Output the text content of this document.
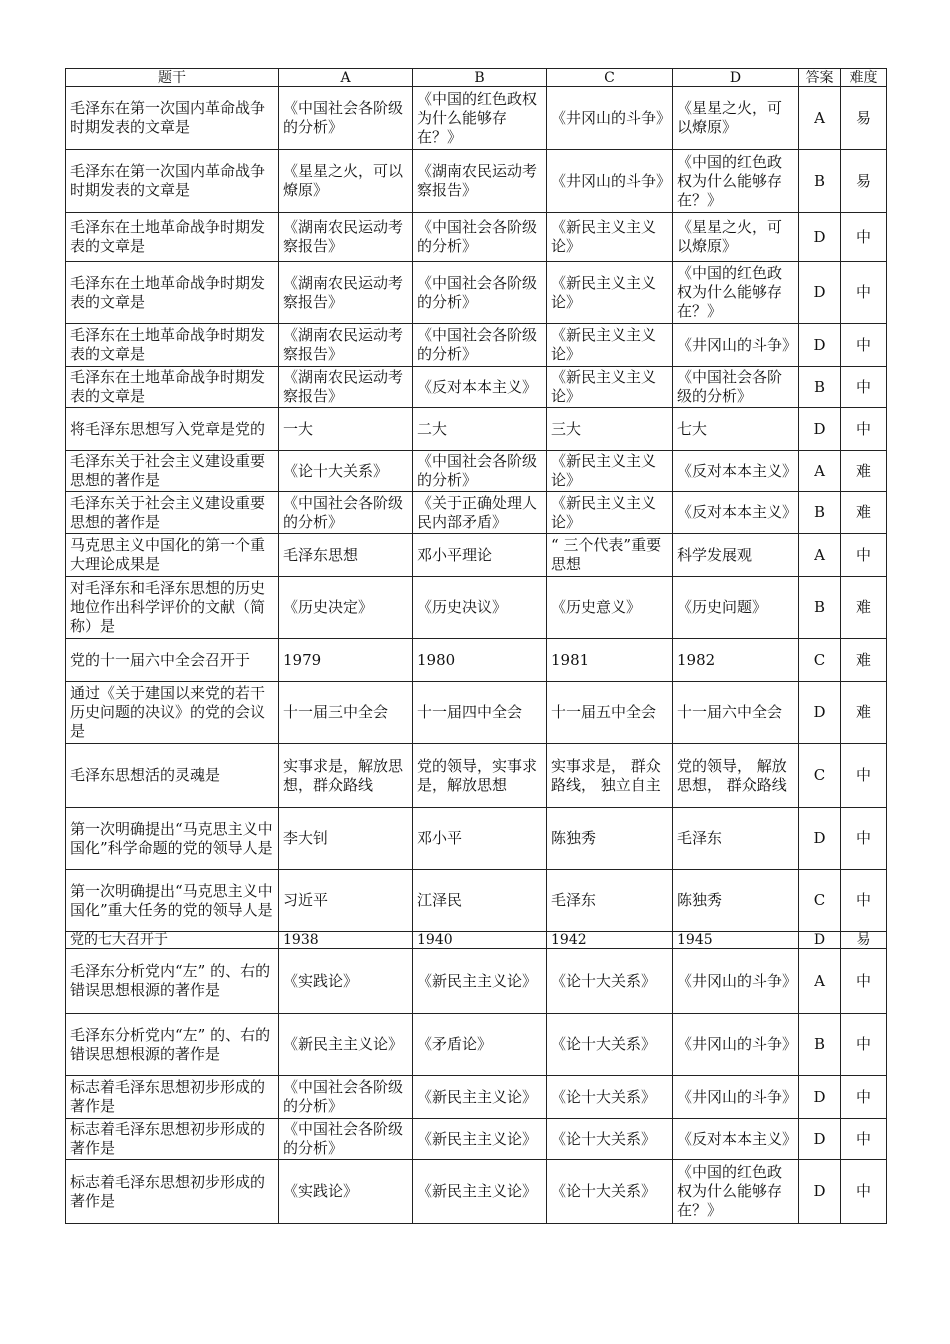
题干	A	B	C	D	答案	难度
毛泽东在第一次国内革命战争时期发表的文章是	《中国社会各阶级的分析》	《中国的红色政权为什么能够存在？》	《井冈山的斗争》	《星星之火，可以燎原》	A	易
毛泽东在第一次国内革命战争时期发表的文章是	《星星之火，可以燎原》	《湖南农民运动考察报告》	《井冈山的斗争》	《中国的红色政权为什么能够存在？》	B	易
毛泽东在土地革命战争时期发表的文章是	《湖南农民运动考察报告》	《中国社会各阶级的分析》	《新民主义主义论》	《星星之火，可以燎原》	D	中
毛泽东在土地革命战争时期发表的文章是	《湖南农民运动考察报告》	《中国社会各阶级的分析》	《新民主义主义论》	《中国的红色政权为什么能够存在？》	D	中
毛泽东在土地革命战争时期发表的文章是	《湖南农民运动考察报告》	《中国社会各阶级的分析》	《新民主义主义论》	《井冈山的斗争》	D	中
毛泽东在土地革命战争时期发表的文章是	《湖南农民运动考察报告》	《反对本本主义》	《新民主义主义论》	《中国社会各阶级的分析》	B	中
将毛泽东思想写入党章是党的	一大	二大	三大	七大	D	中
毛泽东关于社会主义建设重要思想的著作是	《论十大关系》	《中国社会各阶级的分析》	《新民主义主义论》	《反对本本主义》	A	难
毛泽东关于社会主义建设重要思想的著作是	《中国社会各阶级的分析》	《关于正确处理人民内部矛盾》	《新民主义主义论》	《反对本本主义》	B	难
马克思主义中国化的第一个重大理论成果是	毛泽东思想	邓小平理论	“ 三个代表”重要思想	科学发展观	A	中
对毛泽东和毛泽东思想的历史地位作出科学评价的文献（简称）是	《历史决定》	《历史决议》	《历史意义》	《历史问题》	B	难
党的十一届六中全会召开于	1979	1980	1981	1982	C	难
通过《关于建国以来党的若干历史问题的决议》的党的会议是	十一届三中全会	十一届四中全会	十一届五中全会	十一届六中全会	D	难
毛泽东思想活的灵魂是	实事求是，解放思想，群众路线	党的领导，实事求是，解放思想	实事求是， 群众路线， 独立自主	党的领导， 解放思想， 群众路线	C	中
第一次明确提出“马克思主义中国化”科学命题的党的领导人是	李大钊	邓小平	陈独秀	毛泽东	D	中
第一次明确提出“马克思主义中国化”重大任务的党的领导人是	习近平	江泽民	毛泽东	陈独秀	C	中
党的七大召开于	1938	1940	1942	1945	D	易
毛泽东分析党内“左” 的、右的错误思想根源的著作是	《实践论》	《新民主主义论》	《论十大关系》	《井冈山的斗争》	A	中
毛泽东分析党内“左” 的、右的错误思想根源的著作是	《新民主主义论》	《矛盾论》	《论十大关系》	《井冈山的斗争》	B	中
标志着毛泽东思想初步形成的著作是	《中国社会各阶级的分析》	《新民主主义论》	《论十大关系》	《井冈山的斗争》	D	中
标志着毛泽东思想初步形成的著作是	《中国社会各阶级的分析》	《新民主主义论》	《论十大关系》	《反对本本主义》	D	中
标志着毛泽东思想初步形成的著作是	《实践论》	《新民主主义论》	《论十大关系》	《中国的红色政权为什么能够存在？》	D	中
